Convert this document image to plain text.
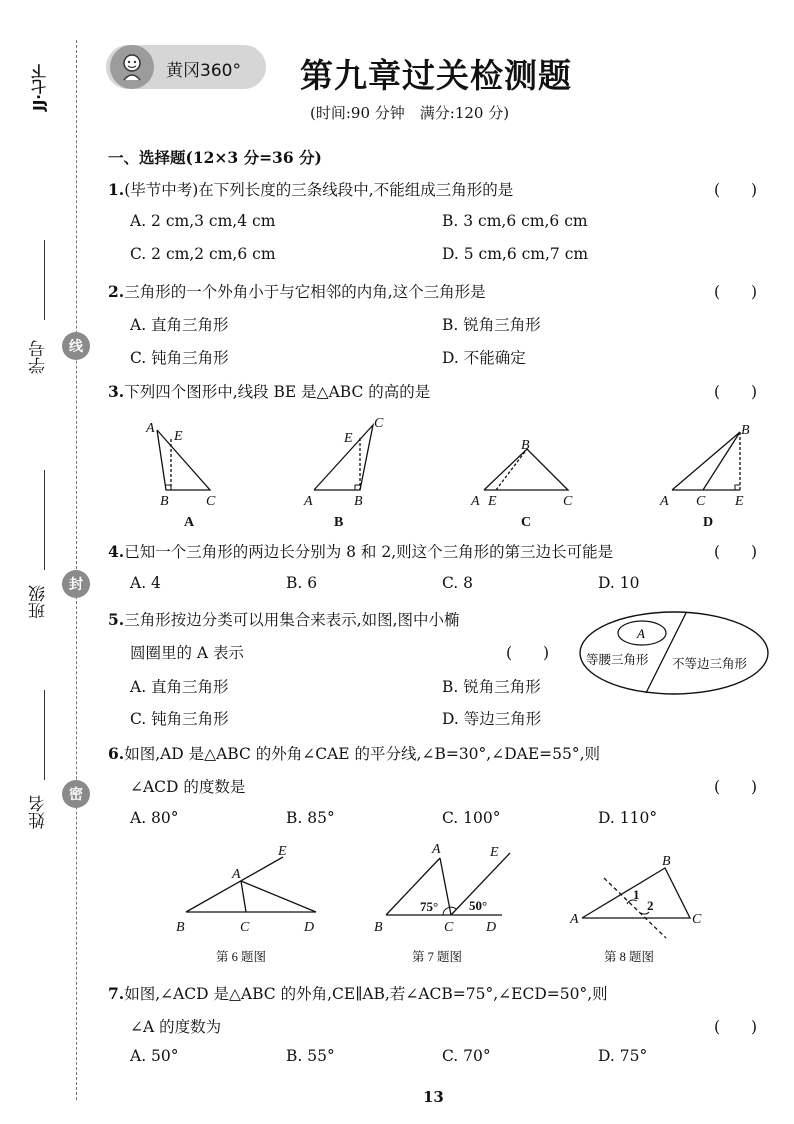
JJ·七下
学号
班级
姓名
线
封
密
黄冈360° 第九章过关检测题
(时间:90 分钟　满分:120 分)
一、选择题(12×3 分=36 分)
1.(毕节中考)在下列长度的三条线段中,不能组成三角形的是	(　　)
A. 2 cm,3 cm,4 cm	B. 3 cm,6 cm,6 cm
C. 2 cm,2 cm,6 cm	D. 5 cm,6 cm,7 cm
2.三角形的一个外角小于与它相邻的内角,这个三角形是	(　　)
A. 直角三角形	B. 锐角三角形
C. 钝角三角形	D. 不能确定
3.下列四个图形中,线段 BE 是△ABC 的高的是	(　　)
A
E
B	C	A	B
E
C
A E	C
B
A C E
B
A	B	C	D
4.已知一个三角形的两边长分别为 8 和 2,则这个三角形的第三边长可能是	(　　)
A. 4	B. 6	C. 8	D. 10
5.三角形按边分类可以用集合来表示,如图,图中小椭
圆圈里的 A 表示	(　　)
A. 直角三角形	B. 锐角三角形
C. 钝角三角形	D. 等边三角形
A
等腰三角形 不等边三角形
6.如图,AD 是△ABC 的外角∠CAE 的平分线,∠B=30°,∠DAE=55°,则
∠ACD 的度数是	(　　)
A. 80°	B. 85°	C. 100°	D. 110°
A
B	C	D
E	A
B	C D
E
A
B
C
75° 50°
1
2
第 6 题图	第 7 题图	第 8 题图
7.如图,∠ACD 是△ABC 的外角,CE∥AB,若∠ACB=75°,∠ECD=50°,则
∠A 的度数为	(　　)
A. 50°	B. 55°	C. 70°	D. 75°
13
